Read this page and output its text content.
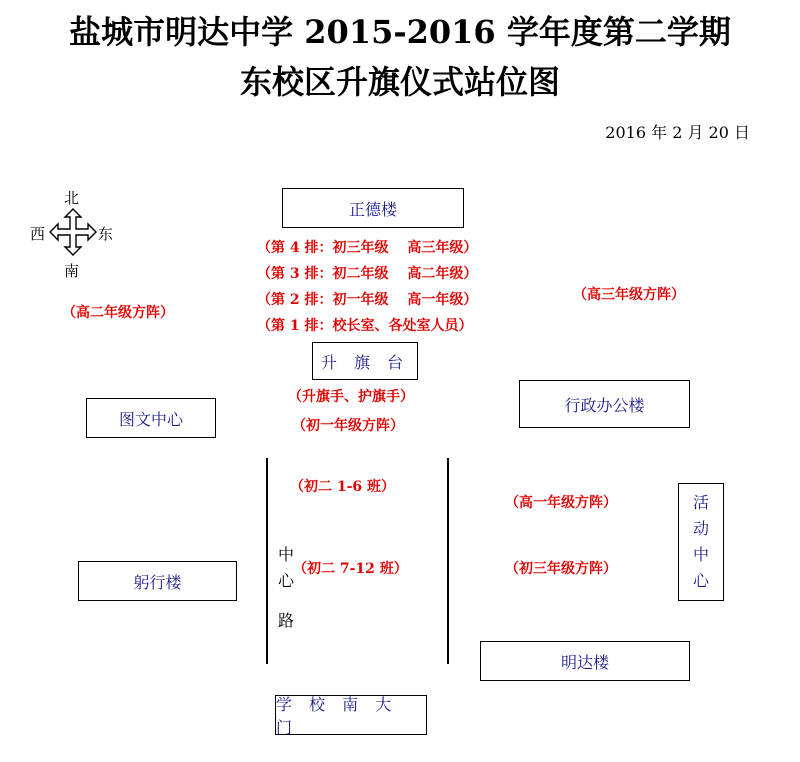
盐城市明达中学 2015-2016 学年度第二学期
东校区升旗仪式站位图
2016 年 2 月 20 日
北
南
西	东
正德楼
升 旗 台
行政办公楼
图文中心
躬行楼
明达楼
学 校 南 大 门
活
动
中
心
中
心
路
（第 4 排：初三年级　 高三年级）
（第 3 排：初二年级　 高二年级）
（第 2 排：初一年级　 高一年级）
（第 1 排：校长室、各处室人员）
（高二年级方阵）
（高三年级方阵）
（升旗手、护旗手）
（初一年级方阵）
（初二 1-6 班）
（初二 7-12 班）
（高一年级方阵）
（初三年级方阵）
